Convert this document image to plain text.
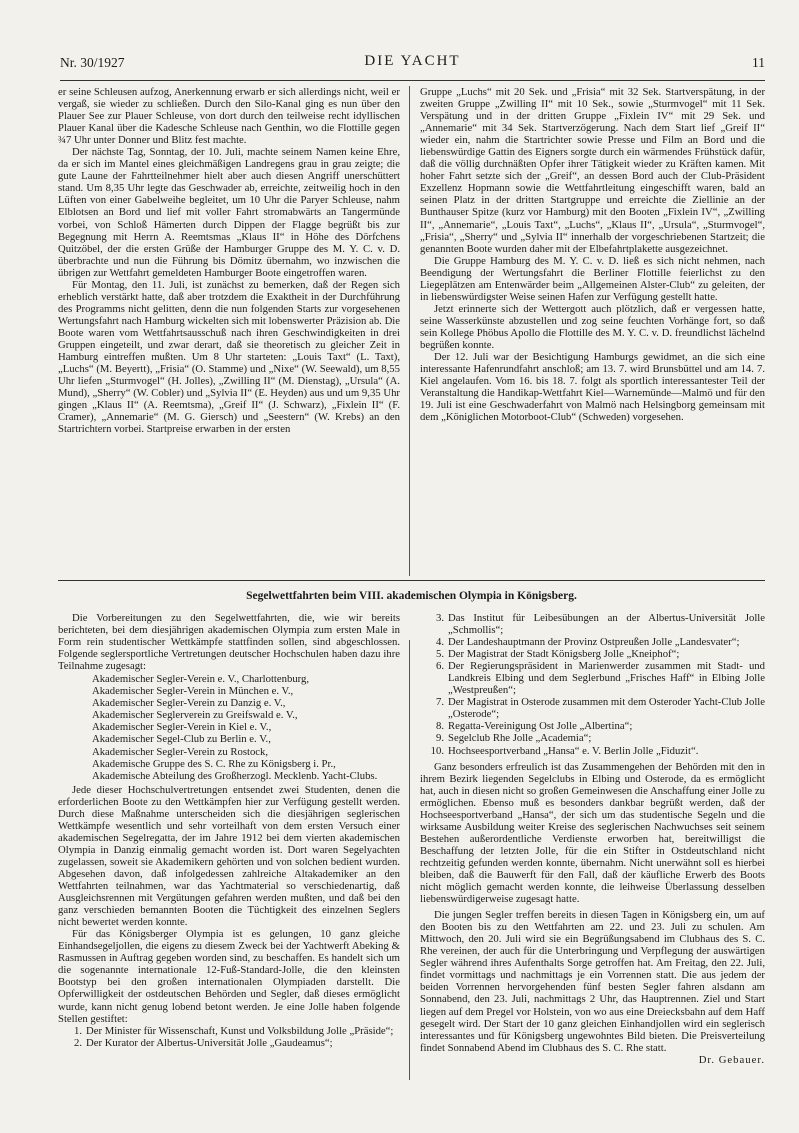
Nr. 30/1927	DIE YACHT	11

er seine Schleusen aufzog, Anerkennung erwarb er sich allerdings nicht, weil er vergaß, sie wieder zu schließen. Durch den Silo-Kanal ging es nun über den Plauer See zur Plauer Schleuse, von dort durch den teilweise recht idyllischen Plauer Kanal über die Kadesche Schleuse nach Genthin, wo die Flottille gegen ¾7 Uhr unter Donner und Blitz fest machte.

Der nächste Tag, Sonntag, der 10. Juli, machte seinem Namen keine Ehre, da er sich im Mantel eines gleichmäßigen Landregens grau in grau zeigte; die gute Laune der Fahrtteilnehmer hielt aber auch diesen Angriff unerschüttert stand. Um 8,35 Uhr legte das Geschwader ab, erreichte, zeitweilig hoch in den Lüften von einer Gabelweihe begleitet, um 10 Uhr die Paryer Schleuse, nahm Elblotsen an Bord und lief mit voller Fahrt stromabwärts an Tangermünde vorbei, von Schloß Hämerten durch Dippen der Flagge begrüßt bis zur Begegnung mit Herrn A. Reemtsmas „Klaus II“ in Höhe des Dörfchens Quitzöbel, der die ersten Grüße der Hamburger Gruppe des M. Y. C. v. D. überbrachte und nun die Führung bis Dömitz übernahm, wo inzwischen die übrigen zur Wettfahrt gemeldeten Hamburger Boote eingetroffen waren.

Für Montag, den 11. Juli, ist zunächst zu bemerken, daß der Regen sich erheblich verstärkt hatte, daß aber trotzdem die Exaktheit in der Durchführung des Programms nicht gelitten, denn die nun folgenden Starts zur vorgesehenen Wertungsfahrt nach Hamburg wickelten sich mit lobenswerter Präzision ab. Die Boote waren vom Wettfahrtsausschuß nach ihren Geschwindigkeiten in drei Gruppen eingeteilt, und zwar derart, daß sie theoretisch zu gleicher Zeit in Hamburg eintreffen mußten. Um 8 Uhr starteten: „Louis Taxt“ (L. Taxt), „Luchs“ (M. Beyertt), „Frisia“ (O. Stamme) und „Nixe“ (W. Seewald), um 8,55 Uhr liefen „Sturmvogel“ (H. Jolles), „Zwilling II“ (M. Dienstag), „Ursula“ (A. Mund), „Sherry“ (W. Cobler) und „Sylvia II“ (E. Heyden) aus und um 9,35 Uhr gingen „Klaus II“ (A. Reemtsma), „Greif II“ (J. Schwarz), „Fixlein II“ (F. Cramer), „Annemarie“ (M. G. Giersch) und „Seestern“ (W. Krebs) an den Startrichtern vorbei. Startpreise erwarben in der ersten

Gruppe „Luchs“ mit 20 Sek. und „Frisia“ mit 32 Sek. Startverspätung, in der zweiten Gruppe „Zwilling II“ mit 10 Sek., sowie „Sturmvogel“ mit 11 Sek. Verspätung und in der dritten Gruppe „Fixlein IV“ mit 29 Sek. und „Annemarie“ mit 34 Sek. Startverzögerung. Nach dem Start lief „Greif II“ wieder ein, nahm die Startrichter sowie Presse und Film an Bord und die liebenswürdige Gattin des Eigners sorgte durch ein wärmendes Frühstück dafür, daß die völlig durchnäßten Opfer ihrer Tätigkeit wieder zu Kräften kamen. Mit hoher Fahrt setzte sich der „Greif“, an dessen Bord auch der Club-Präsident Exzellenz Hopmann sowie die Wettfahrtleitung eingeschifft waren, bald an seinen Platz in der dritten Startgruppe und erreichte die Ziellinie an der Bunthauser Spitze (kurz vor Hamburg) mit den Booten „Fixlein IV“, „Zwilling II“, „Annemarie“, „Louis Taxt“, „Luchs“, „Klaus II“, „Ursula“, „Sturmvogel“, „Frisia“, „Sherry“ und „Sylvia II“ innerhalb der vorgeschriebenen Startzeit; die genannten Boote wurden daher mit der Elbefahrtplakette ausgezeichnet.

Die Gruppe Hamburg des M. Y. C. v. D. ließ es sich nicht nehmen, nach Beendigung der Wertungsfahrt die Berliner Flottille feierlichst zu den Liegeplätzen am Entenwärder beim „Allgemeinen Alster-Club“ zu geleiten, der in liebenswürdigster Weise seinen Hafen zur Verfügung gestellt hatte.

Jetzt erinnerte sich der Wettergott auch plötzlich, daß er vergessen hatte, seine Wasserkünste abzustellen und zog seine feuchten Vorhänge fort, so daß sein Kollege Phöbus Apollo die Flottille des M. Y. C. v. D. freundlichst lächelnd begrüßen konnte.

Der 12. Juli war der Besichtigung Hamburgs gewidmet, an die sich eine interessante Hafenrundfahrt anschloß; am 13. 7. wird Brunsbüttel und am 14. 7. Kiel angelaufen. Vom 16. bis 18. 7. folgt als sportlich interessantester Teil der Veranstaltung die Handikap-Wettfahrt Kiel—Warnemünde—Malmö und für den 19. Juli ist eine Geschwaderfahrt von Malmö nach Helsingborg gemeinsam mit dem „Königlichen Motorboot-Club“ (Schweden) vorgesehen.

Segelwettfahrten beim VIII. akademischen Olympia in Königsberg.

Die Vorbereitungen zu den Segelwettfahrten, die, wie wir bereits berichteten, bei dem diesjährigen akademischen Olympia zum ersten Male in Form rein studentischer Wettkämpfe stattfinden sollen, sind abgeschlossen. Folgende seglersportliche Vertretungen deutscher Hochschulen haben dazu ihre Teilnahme zugesagt:

Akademischer Segler-Verein e. V., Charlottenburg,
Akademischer Segler-Verein in München e. V.,
Akademischer Segler-Verein zu Danzig e. V.,
Akademischer Seglerverein zu Greifswald e. V.,
Akademischer Segler-Verein in Kiel e. V.,
Akademischer Segel-Club zu Berlin e. V.,
Akademischer Segler-Verein zu Rostock,
Akademische Gruppe des S. C. Rhe zu Königsberg i. Pr.,
Akademische Abteilung des Großherzogl. Mecklenb. Yacht-Clubs.

Jede dieser Hochschulvertretungen entsendet zwei Studenten, denen die erforderlichen Boote zu den Wettkämpfen hier zur Verfügung gestellt werden. Durch diese Maßnahme unterscheiden sich die diesjährigen seglerischen Wettkämpfe wesentlich und sehr vorteilhaft von dem ersten Versuch einer akademischen Segelregatta, der im Jahre 1912 bei dem vierten akademischen Olympia in Danzig einmalig gemacht worden ist. Dort waren Segelyachten zugelassen, soweit sie Akademikern gehörten und von solchen bedient wurden. Abgesehen davon, daß infolgedessen zahlreiche Altakademiker an den Wettfahrten teilnahmen, war das Yachtmaterial so verschiedenartig, daß Ausgleichsrennen mit Vergütungen gefahren werden mußten, und daß bei den ganz verschieden bemannten Booten die Tüchtigkeit des einzelnen Seglers nicht bewertet werden konnte.

Für das Königsberger Olympia ist es gelungen, 10 ganz gleiche Einhandsegeljollen, die eigens zu diesem Zweck bei der Yachtwerft Abeking & Rasmussen in Auftrag gegeben worden sind, zu beschaffen. Es handelt sich um die sogenannte internationale 12-Fuß-Standard-Jolle, die den kleinsten Bootstyp bei den großen internationalen Olympiaden darstellt. Die Opferwilligkeit der ostdeutschen Behörden und Segler, daß dieses ermöglicht wurde, kann nicht genug lobend betont werden. Je eine Jolle haben folgende Stellen gestiftet:

1. Der Minister für Wissenschaft, Kunst und Volksbildung Jolle „Präside“;
2. Der Kurator der Albertus-Universität Jolle „Gaudeamus“;
3. Das Institut für Leibesübungen an der Albertus-Universität Jolle „Schmollis“;
4. Der Landeshauptmann der Provinz Ostpreußen Jolle „Landesvater“;
5. Der Magistrat der Stadt Königsberg Jolle „Kneiphof“;
6. Der Regierungspräsident in Marienwerder zusammen mit Stadt- und Landkreis Elbing und dem Seglerbund „Frisches Haff“ in Elbing Jolle „Westpreußen“;
7. Der Magistrat in Osterode zusammen mit dem Osteroder Yacht-Club Jolle „Osterode“;
8. Regatta-Vereinigung Ost Jolle „Albertina“;
9. Segelclub Rhe Jolle „Academia“;
10. Hochseesportverband „Hansa“ e. V. Berlin Jolle „Fiduzit“.

Ganz besonders erfreulich ist das Zusammengehen der Behörden mit den in ihrem Bezirk liegenden Segelclubs in Elbing und Osterode, da es ermöglicht hat, auch in diesen nicht so großen Gemeinwesen die Anschaffung einer Jolle zu ermöglichen. Ebenso muß es besonders dankbar begrüßt werden, daß der Hochseesportverband „Hansa“, der sich um das studentische Segeln und die wirksame Ausbildung weiter Kreise des seglerischen Nachwuchses seit seinem Bestehen außerordentliche Verdienste erworben hat, bereitwilligst die Beschaffung der letzten Jolle, für die ein Stifter in Ostdeutschland nicht rechtzeitig gefunden werden konnte, übernahm. Nicht unerwähnt soll es hierbei bleiben, daß die Bauwerft für den Fall, daß der käufliche Erwerb des Boots nicht möglich gemacht werden konnte, die leihweise Überlassung desselben liebenswürdigerweise zugesagt hatte.

Die jungen Segler treffen bereits in diesen Tagen in Königsberg ein, um auf den Booten bis zu den Wettfahrten am 22. und 23. Juli zu schulen. Am Mittwoch, den 20. Juli wird sie ein Begrüßungsabend im Clubhaus des S. C. Rhe vereinen, der auch für die Unterbringung und Verpflegung der auswärtigen Segler während ihres Aufenthalts Sorge getroffen hat. Am Freitag, den 22. Juli, findet vormittags und nachmittags je ein Vorrennen statt. Die aus jedem der beiden Vorrennen hervorgehenden fünf besten Segler fahren alsdann am Sonnabend, den 23. Juli, nachmittags 2 Uhr, das Hauptrennen. Ziel und Start liegen auf dem Pregel vor Holstein, von wo aus eine Dreiecksbahn auf dem Haff gesegelt wird. Der Start der 10 ganz gleichen Einhandjollen wird ein seglerisch interessantes und für Königsberg ungewohntes Bild bieten. Die Preisverteilung findet Sonnabend Abend im Clubhaus des S. C. Rhe statt.

Dr. Gebauer.
